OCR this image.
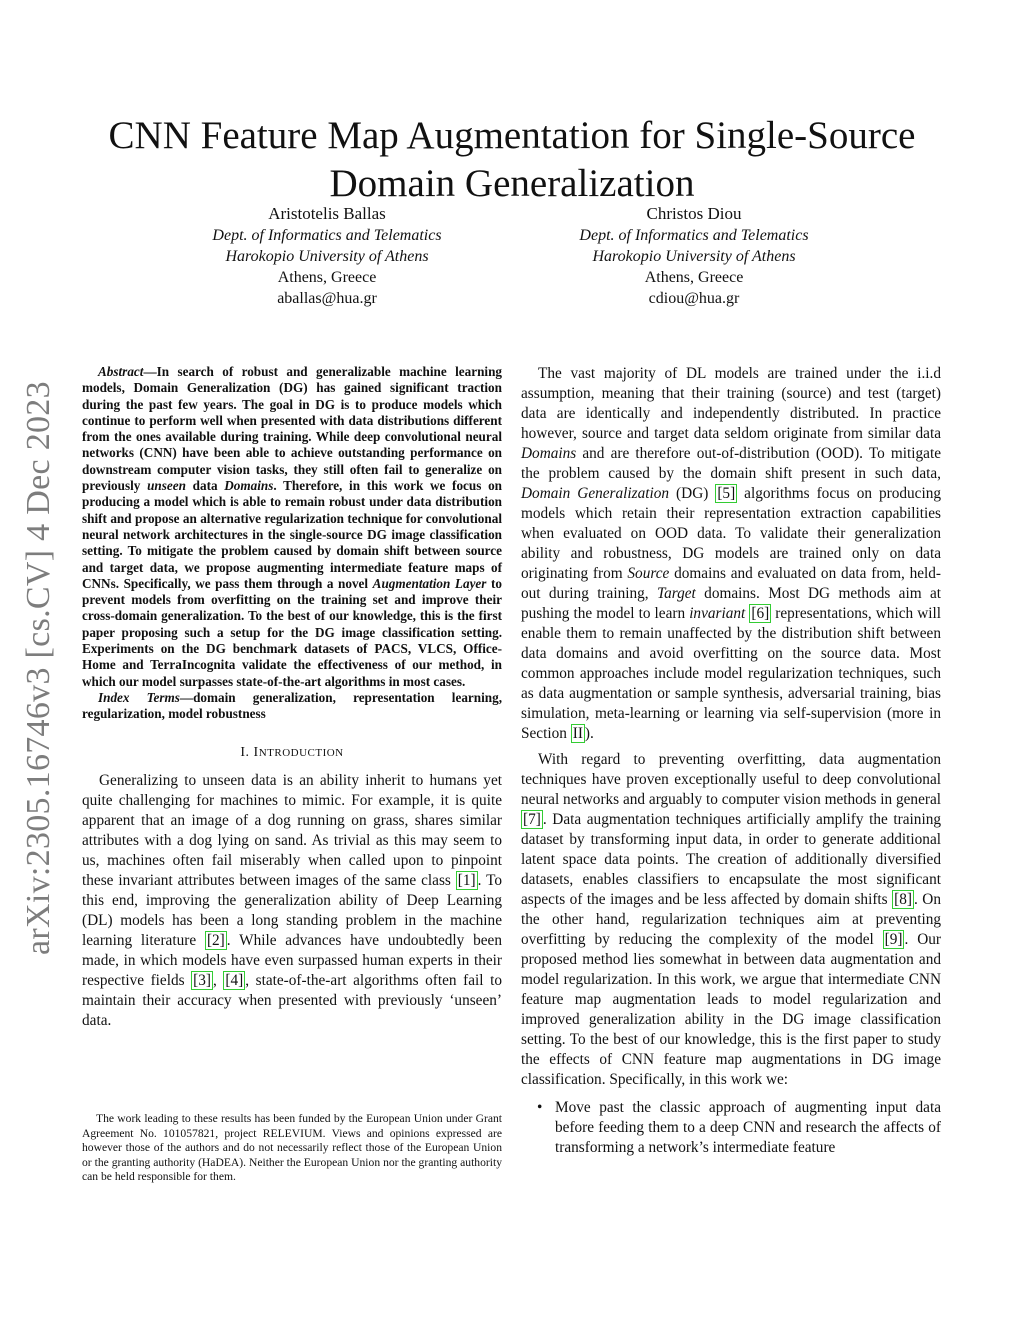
arXiv:2305.16746v3 [cs.CV] 4 Dec 2023
CNN Feature Map Augmentation for Single-Source Domain Generalization
Aristotelis Ballas
Dept. of Informatics and Telematics
Harokopio University of Athens
Athens, Greece
aballas@hua.gr
Christos Diou
Dept. of Informatics and Telematics
Harokopio University of Athens
Athens, Greece
cdiou@hua.gr

Abstract—In search of robust and generalizable machine learning models, Domain Generalization (DG) has gained significant traction during the past few years. The goal in DG is to produce models which continue to perform well when presented with data distributions different from the ones available during training. While deep convolutional neural networks (CNN) have been able to achieve outstanding performance on downstream computer vision tasks, they still often fail to generalize on previously unseen data Domains. Therefore, in this work we focus on producing a model which is able to remain robust under data distribution shift and propose an alternative regularization technique for convolutional neural network architectures in the single-source DG image classification setting. To mitigate the problem caused by domain shift between source and target data, we propose augmenting intermediate feature maps of CNNs. Specifically, we pass them through a novel Augmentation Layer to prevent models from overfitting on the training set and improve their cross-domain generalization. To the best of our knowledge, this is the first paper proposing such a setup for the DG image classification setting. Experiments on the DG benchmark datasets of PACS, VLCS, Office-Home and TerraIncognita validate the effectiveness of our method, in which our model surpasses state-of-the-art algorithms in most cases.

Index Terms—domain generalization, representation learning, regularization, model robustness

I. INTRODUCTION

Generalizing to unseen data is an ability inherit to humans yet quite challenging for machines to mimic. For example, it is quite apparent that an image of a dog running on grass, shares similar attributes with a dog lying on sand. As trivial as this may seem to us, machines often fail miserably when called upon to pinpoint these invariant attributes between images of the same class [1] . To this end, improving the generalization ability of Deep Learning (DL) models has been a long standing problem in the machine learning literature [2] . While advances have undoubtedly been made, in which models have even surpassed human experts in their respective fields [3] , [4] , state-of-the-art algorithms often fail to maintain their accuracy when presented with previously ‘unseen’ data.

The work leading to these results has been funded by the European Union under Grant Agreement No. 101057821, project RELEVIUM. Views and opinions expressed are however those of the authors and do not necessarily reflect those of the European Union or the granting authority (HaDEA). Neither the European Union nor the granting authority can be held responsible for them.

The vast majority of DL models are trained under the i.i.d assumption, meaning that their training (source) and test (target) data are identically and independently distributed. In practice however, source and target data seldom originate from similar data Domains and are therefore out-of-distribution (OOD). To mitigate the problem caused by the domain shift present in such data, Domain Generalization (DG) [5] algorithms focus on producing models which retain their representation extraction capabilities when evaluated on OOD data. To validate their generalization ability and robustness, DG models are trained only on data originating from Source domains and evaluated on data from, held-out during training, Target domains. Most DG methods aim at pushing the model to learn invariant [6] representations, which will enable them to remain unaffected by the distribution shift between data domains and avoid overfitting on the source data. Most common approaches include model regularization techniques, such as data augmentation or sample synthesis, adversarial training, bias simulation, meta-learning or learning via self-supervision (more in Section II ).

With regard to preventing overfitting, data augmentation techniques have proven exceptionally useful to deep convolutional neural networks and arguably to computer vision methods in general [7] . Data augmentation techniques artificially amplify the training dataset by transforming input data, in order to generate additional latent space data points. The creation of additionally diversified datasets, enables classifiers to encapsulate the most significant aspects of the images and be less affected by domain shifts [8] . On the other hand, regularization techniques aim at preventing overfitting by reducing the complexity of the model [9] . Our proposed method lies somewhat in between data augmentation and model regularization. In this work, we argue that intermediate CNN feature map augmentation leads to model regularization and improved generalization ability in the DG image classification setting. To the best of our knowledge, this is the first paper to study the effects of CNN feature map augmentations in DG image classification. Specifically, in this work we:

• Move past the classic approach of augmenting input data before feeding them to a deep CNN and research the affects of transforming a network’s intermediate feature
